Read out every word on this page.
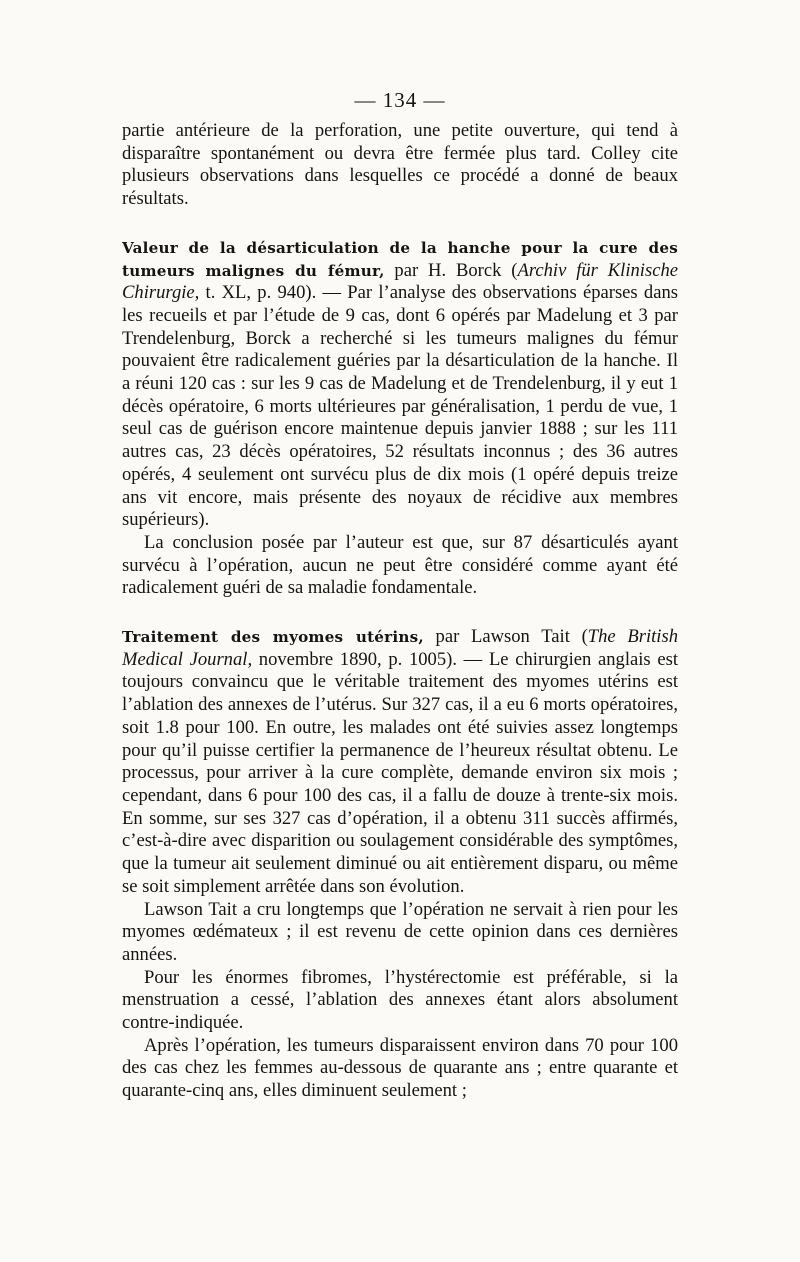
— 134 —

partie antérieure de la perforation, une petite ouverture, qui tend à disparaître spontanément ou devra être fermée plus tard. Colley cite plusieurs observations dans lesquelles ce procédé a donné de beaux résultats.

Valeur de la désarticulation de la hanche pour la cure des tumeurs malignes du fémur, par H. Borck (Archiv für Klinische Chirurgie, t. XL, p. 940). — Par l’analyse des observations éparses dans les recueils et par l’étude de 9 cas, dont 6 opérés par Madelung et 3 par Trendelenburg, Borck a recherché si les tumeurs malignes du fémur pouvaient être radicalement guéries par la désarticulation de la hanche. Il a réuni 120 cas : sur les 9 cas de Madelung et de Trendelenburg, il y eut 1 décès opératoire, 6 morts ultérieures par généralisation, 1 perdu de vue, 1 seul cas de guérison encore maintenue depuis janvier 1888 ; sur les 111 autres cas, 23 décès opératoires, 52 résultats inconnus ; des 36 autres opérés, 4 seulement ont survécu plus de dix mois (1 opéré depuis treize ans vit encore, mais présente des noyaux de récidive aux membres supérieurs).

La conclusion posée par l’auteur est que, sur 87 désarticulés ayant survécu à l’opération, aucun ne peut être considéré comme ayant été radicalement guéri de sa maladie fondamentale.

Traitement des myomes utérins, par Lawson Tait (The British Medical Journal, novembre 1890, p. 1005). — Le chirurgien anglais est toujours convaincu que le véritable traitement des myomes utérins est l’ablation des annexes de l’utérus. Sur 327 cas, il a eu 6 morts opératoires, soit 1.8 pour 100. En outre, les malades ont été suivies assez longtemps pour qu’il puisse certifier la permanence de l’heureux résultat obtenu. Le processus, pour arriver à la cure complète, demande environ six mois ; cependant, dans 6 pour 100 des cas, il a fallu de douze à trente-six mois. En somme, sur ses 327 cas d’opération, il a obtenu 311 succès affirmés, c’est-à-dire avec disparition ou soulagement considérable des symptômes, que la tumeur ait seulement diminué ou ait entièrement disparu, ou même se soit simplement arrêtée dans son évolution.

Lawson Tait a cru longtemps que l’opération ne servait à rien pour les myomes œdémateux ; il est revenu de cette opinion dans ces dernières années.

Pour les énormes fibromes, l’hystérectomie est préférable, si la menstruation a cessé, l’ablation des annexes étant alors absolument contre-indiquée.

Après l’opération, les tumeurs disparaissent environ dans 70 pour 100 des cas chez les femmes au-dessous de quarante ans ; entre quarante et quarante-cinq ans, elles diminuent seulement ;
